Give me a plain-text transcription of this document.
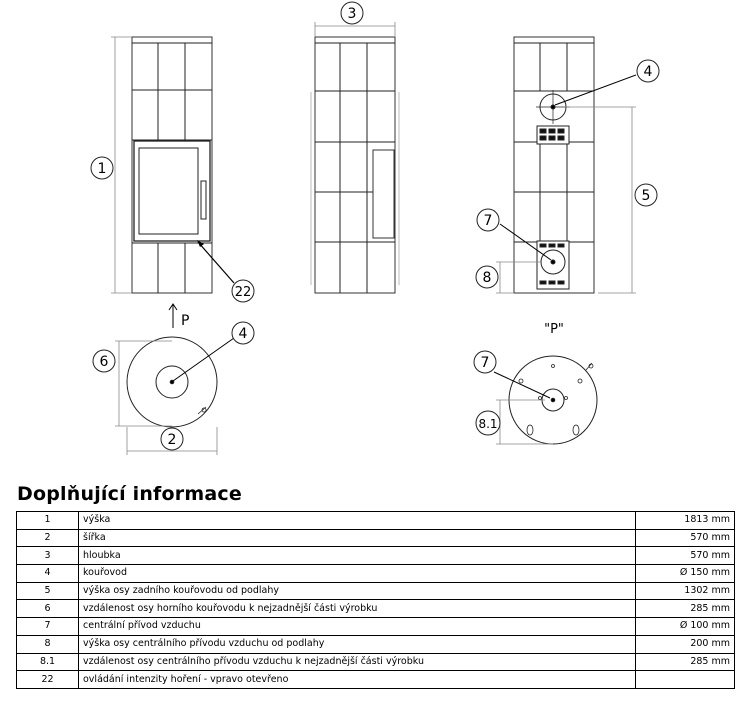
P
"P"
1
3
4
5
7
8
22
6
4
2
7
8.1
Doplňující informace
1	výška	1813 mm
2	šířka	570 mm
3	hloubka	570 mm
4	kouřovod	Ø 150 mm
5	výška osy zadního kouřovodu od podlahy	1302 mm
6	vzdálenost osy horního kouřovodu k nejzadnější části výrobku	285 mm
7	centrální přívod vzduchu	Ø 100 mm
8	výška osy centrálního přívodu vzduchu od podlahy	200 mm
8.1	vzdálenost osy centrálního přívodu vzduchu k nejzadnější části výrobku	285 mm
22	ovládání intenzity hoření - vpravo otevřeno	
